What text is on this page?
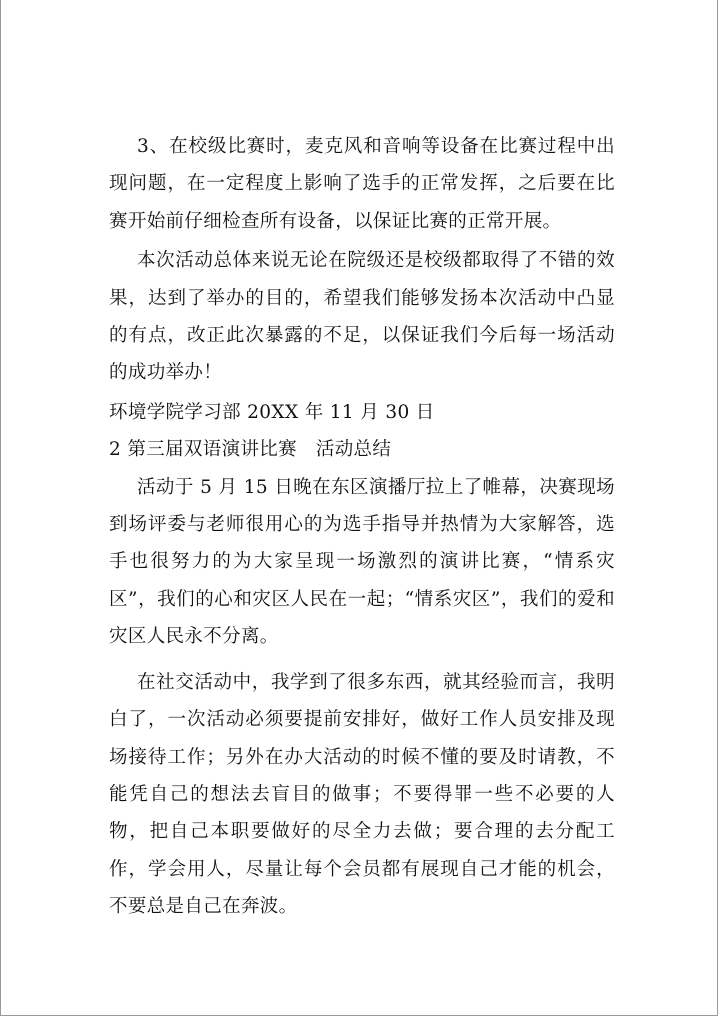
3、在校级比赛时，麦克风和音响等设备在比赛过程中出现问题，在一定程度上影响了选手的正常发挥，之后要在比赛开始前仔细检查所有设备，以保证比赛的正常开展。

本次活动总体来说无论在院级还是校级都取得了不错的效果，达到了举办的目的，希望我们能够发扬本次活动中凸显的有点，改正此次暴露的不足，以保证我们今后每一场活动的成功举办！

环境学院学习部 20XX 年 11 月 30 日

2 第三届双语演讲比赛　活动总结

活动于 5 月 15 日晚在东区演播厅拉上了帷幕，决赛现场到场评委与老师很用心的为选手指导并热情为大家解答，选手也很努力的为大家呈现一场激烈的演讲比赛，“情系灾区”，我们的心和灾区人民在一起；“情系灾区”，我们的爱和灾区人民永不分离。

在社交活动中，我学到了很多东西，就其经验而言，我明白了，一次活动必须要提前安排好，做好工作人员安排及现场接待工作；另外在办大活动的时候不懂的要及时请教，不能凭自己的想法去盲目的做事；不要得罪一些不必要的人物，把自己本职要做好的尽全力去做；要合理的去分配工作，学会用人，尽量让每个会员都有展现自己才能的机会，不要总是自己在奔波。
